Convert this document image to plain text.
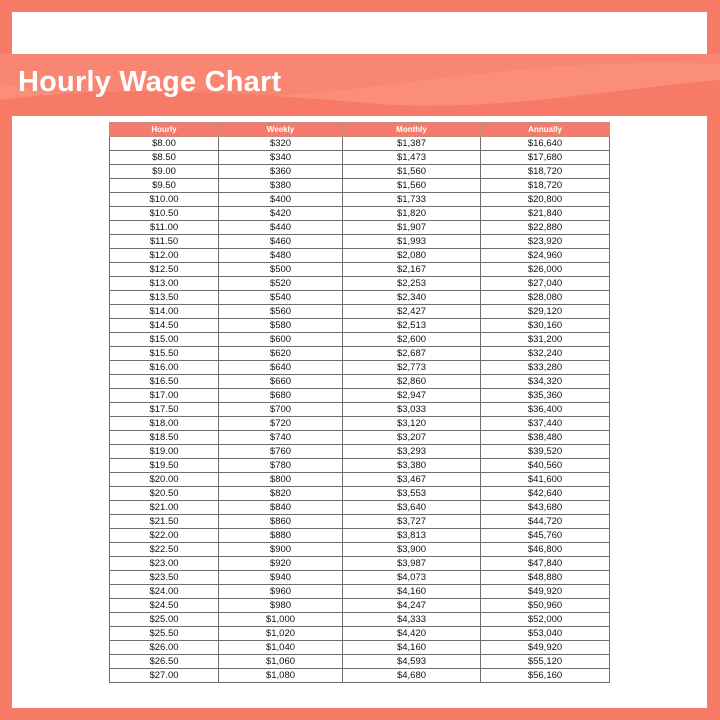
Hourly Wage Chart
Hourly	Weekly	Monthly	Annually
$8.00	$320	$1,387	$16,640
$8.50	$340	$1,473	$17,680
$9.00	$360	$1,560	$18,720
$9.50	$380	$1,560	$18,720
$10.00	$400	$1,733	$20,800
$10.50	$420	$1,820	$21,840
$11.00	$440	$1,907	$22,880
$11.50	$460	$1,993	$23,920
$12.00	$480	$2,080	$24,960
$12.50	$500	$2,167	$26,000
$13.00	$520	$2,253	$27,040
$13.50	$540	$2,340	$28,080
$14.00	$560	$2,427	$29,120
$14.50	$580	$2,513	$30,160
$15.00	$600	$2,600	$31,200
$15.50	$620	$2,687	$32,240
$16.00	$640	$2,773	$33,280
$16.50	$660	$2,860	$34,320
$17.00	$680	$2,947	$35,360
$17.50	$700	$3,033	$36,400
$18.00	$720	$3,120	$37,440
$18.50	$740	$3,207	$38,480
$19.00	$760	$3,293	$39,520
$19.50	$780	$3,380	$40,560
$20.00	$800	$3,467	$41,600
$20.50	$820	$3,553	$42,640
$21.00	$840	$3,640	$43,680
$21.50	$860	$3,727	$44,720
$22.00	$880	$3,813	$45,760
$22.50	$900	$3,900	$46,800
$23.00	$920	$3,987	$47,840
$23.50	$940	$4,073	$48,880
$24.00	$960	$4,160	$49,920
$24.50	$980	$4,247	$50,960
$25.00	$1,000	$4,333	$52,000
$25.50	$1,020	$4,420	$53,040
$26.00	$1,040	$4,160	$49,920
$26.50	$1,060	$4,593	$55,120
$27.00	$1,080	$4,680	$56,160
